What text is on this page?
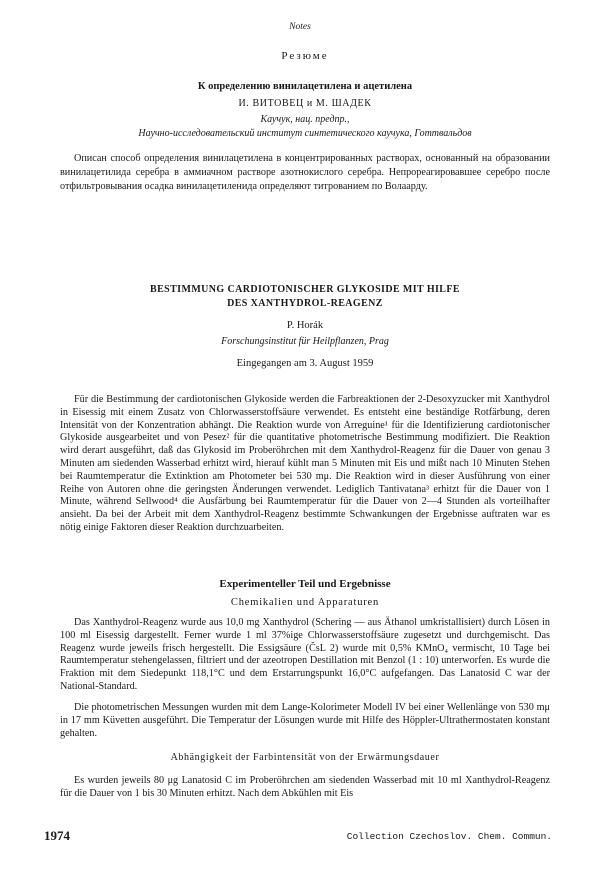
Notes
Резюме
К определению винилацетилена и ацетилена
И. ВИТОВЕЦ и М. ШАДЕК
Каучук, нац. предпр.,
Научно-исследовательский институт синтетического каучука, Готтвальдов
Описан способ определения винилацетилена в концентрированных растворах, основанный на образовании винилацетилида серебра в аммиачном растворе азотнокислого серебра. Непрореагировавшее серебро после отфильтровывания осадка винилацетиленида определяют титрованием по Волаарду.
BESTIMMUNG CARDIOTONISCHER GLYKOSIDE MIT HILFE
DES XANTHYDROL-REAGENZ
P. Horák
Forschungsinstitut für Heilpflanzen, Prag
Eingegangen am 3. August 1959
Für die Bestimmung der cardiotonischen Glykoside werden die Farbreaktionen der 2-Desoxyzucker mit Xanthydrol in Eisessig mit einem Zusatz von Chlorwasserstoffsäure verwendet. Es entsteht eine beständige Rotfärbung, deren Intensität von der Konzentration abhängt. Die Reaktion wurde von Arreguine¹ für die Identifizierung cardiotonischer Glykoside ausgearbeitet und von Pesez² für die quantitative photometrische Bestimmung modifiziert. Die Reaktion wird derart ausgeführt, daß das Glykosid im Proberöhrchen mit dem Xanthydrol-Reagenz für die Dauer von genau 3 Minuten am siedenden Wasserbad erhitzt wird, hierauf kühlt man 5 Minuten mit Eis und mißt nach 10 Minuten Stehen bei Raumtemperatur die Extinktion am Photometer bei 530 mμ. Die Reaktion wird in dieser Ausführung von einer Reihe von Autoren ohne die geringsten Änderungen verwendet. Lediglich Tantivatana³ erhitzt für die Dauer von 1 Minute, während Sellwood⁴ die Ausfärbung bei Raumtemperatur für die Dauer von 2—4 Stunden als vorteilhafter ansieht. Da bei der Arbeit mit dem Xanthydrol-Reagenz bestimmte Schwankungen der Ergebnisse auftraten war es nötig einige Faktoren dieser Reaktion durchzuarbeiten.
Experimenteller Teil und Ergebnisse
Chemikalien und Apparaturen
Das Xanthydrol-Reagenz wurde aus 10,0 mg Xanthydrol (Schering — aus Äthanol umkristallisiert) durch Lösen in 100 ml Eisessig dargestellt. Ferner wurde 1 ml 37%ige Chlorwasserstoffsäure zugesetzt und durchgemischt. Das Reagenz wurde jeweils frisch hergestellt. Die Essigsäure (ČsL 2) wurde mit 0,5% KMnO₄ vermischt, 10 Tage bei Raumtemperatur stehengelassen, filtriert und der azeotropen Destillation mit Benzol (1 : 10) unterworfen. Es wurde die Fraktion mit dem Siedepunkt 118,1°C und dem Erstarrungspunkt 16,0°C aufgefangen. Das Lanatosid C war der National-Standard.
Die photometrischen Messungen wurden mit dem Lange-Kolorimeter Modell IV bei einer Wellenlänge von 530 mμ in 17 mm Küvetten ausgeführt. Die Temperatur der Lösungen wurde mit Hilfe des Höppler-Ultrathermostaten konstant gehalten.
Abhängigkeit der Farbintensität von der Erwärmungsdauer
Es wurden jeweils 80 μg Lanatosid C im Proberöhrchen am siedenden Wasserbad mit 10 ml Xanthydrol-Reagenz für die Dauer von 1 bis 30 Minuten erhitzt. Nach dem Abkühlen mit Eis
1974	Collection Czechoslov. Chem. Commun.
